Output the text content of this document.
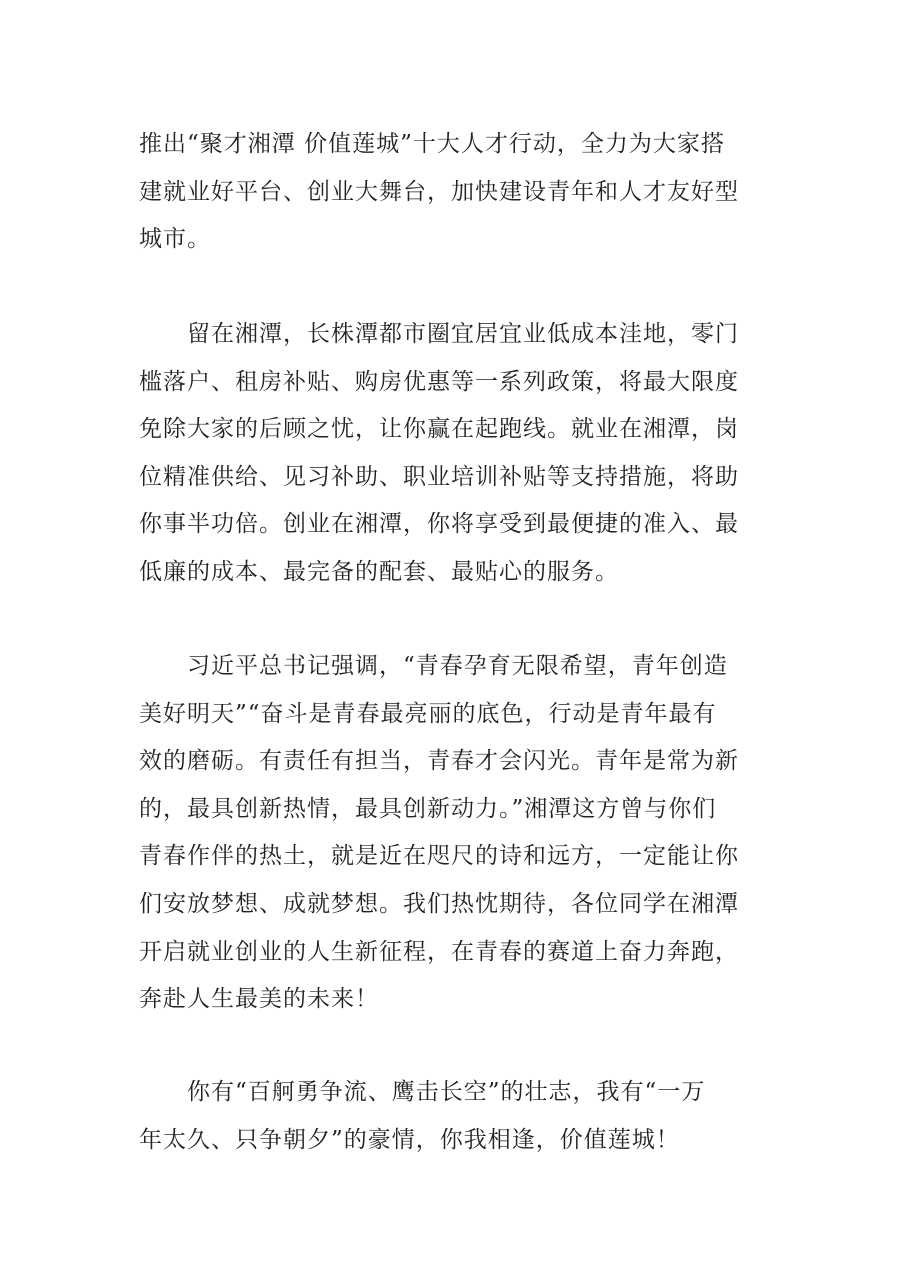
推出“聚才湘潭 价值莲城”十大人才行动，全力为大家搭
建就业好平台、创业大舞台，加快建设青年和人才友好型
城市。
留在湘潭，长株潭都市圈宜居宜业低成本洼地，零门
槛落户、租房补贴、购房优惠等一系列政策，将最大限度
免除大家的后顾之忧，让你赢在起跑线。就业在湘潭，岗
位精准供给、见习补助、职业培训补贴等支持措施，将助
你事半功倍。创业在湘潭，你将享受到最便捷的准入、最
低廉的成本、最完备的配套、最贴心的服务。
习近平总书记强调，“青春孕育无限希望，青年创造
美好明天”“奋斗是青春最亮丽的底色，行动是青年最有
效的磨砺。有责任有担当，青春才会闪光。青年是常为新
的，最具创新热情，最具创新动力。”湘潭这方曾与你们
青春作伴的热土，就是近在咫尺的诗和远方，一定能让你
们安放梦想、成就梦想。我们热忱期待，各位同学在湘潭
开启就业创业的人生新征程，在青春的赛道上奋力奔跑，
奔赴人生最美的未来！
你有“百舸勇争流、鹰击长空”的壮志，我有“一万
年太久、只争朝夕”的豪情，你我相逢，价值莲城！
